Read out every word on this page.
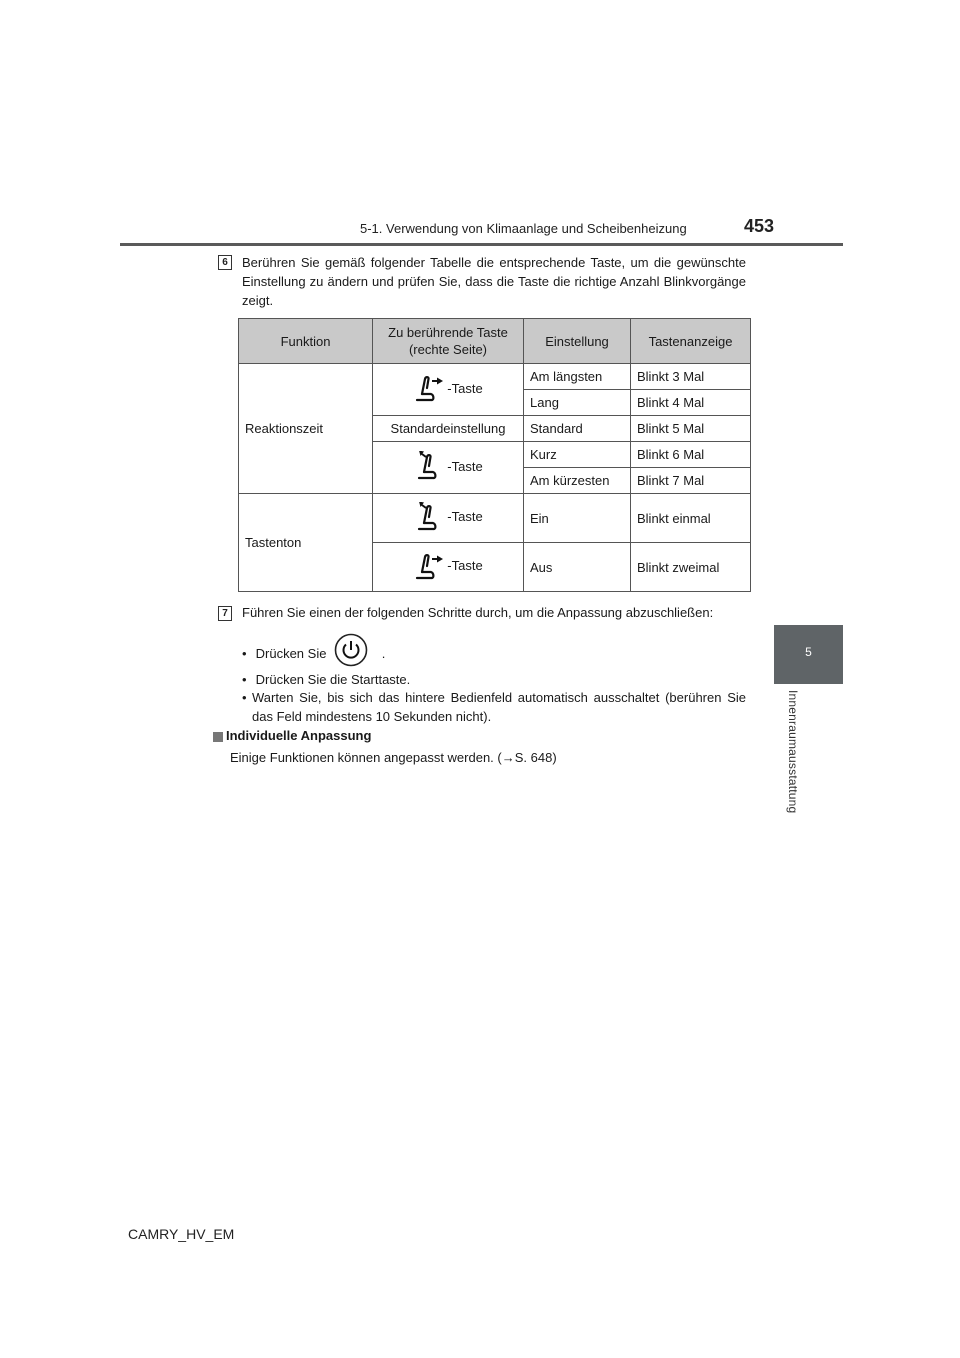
5-1. Verwendung von Klimaanlage und Scheibenheizung	453
5
Innenraumausstattung
6	Berühren Sie gemäß folgender Tabelle die entsprechende Taste, um die gewünschte Einstellung zu ändern und prüfen Sie, dass die Taste die richtige Anzahl Blinkvorgänge zeigt.
Funktion	Zu berührende Taste (rechte Seite)	Einstellung	Tastenanzeige
Reaktionszeit	-Taste	Am längsten	Blinkt 3 Mal
		Lang	Blinkt 4 Mal
	Standardeinstellung	Standard	Blinkt 5 Mal

	-Taste	Kurz	Blinkt 6 Mal
		Am kürzesten	Blinkt 7 Mal
Tastenton	-Taste	Ein	Blinkt einmal

	-Taste	Aus	Blinkt zweimal
7	Führen Sie einen der folgenden Schritte durch, um die Anpassung abzuschließen:
• Drücken Sie	.
• Drücken Sie die Starttaste.
• Warten Sie, bis sich das hintere Bedienfeld automatisch ausschaltet (berühren Sie das Feld mindestens 10 Sekunden nicht).
Individuelle Anpassung
Einige Funktionen können angepasst werden. (→S. 648)
CAMRY_HV_EM
